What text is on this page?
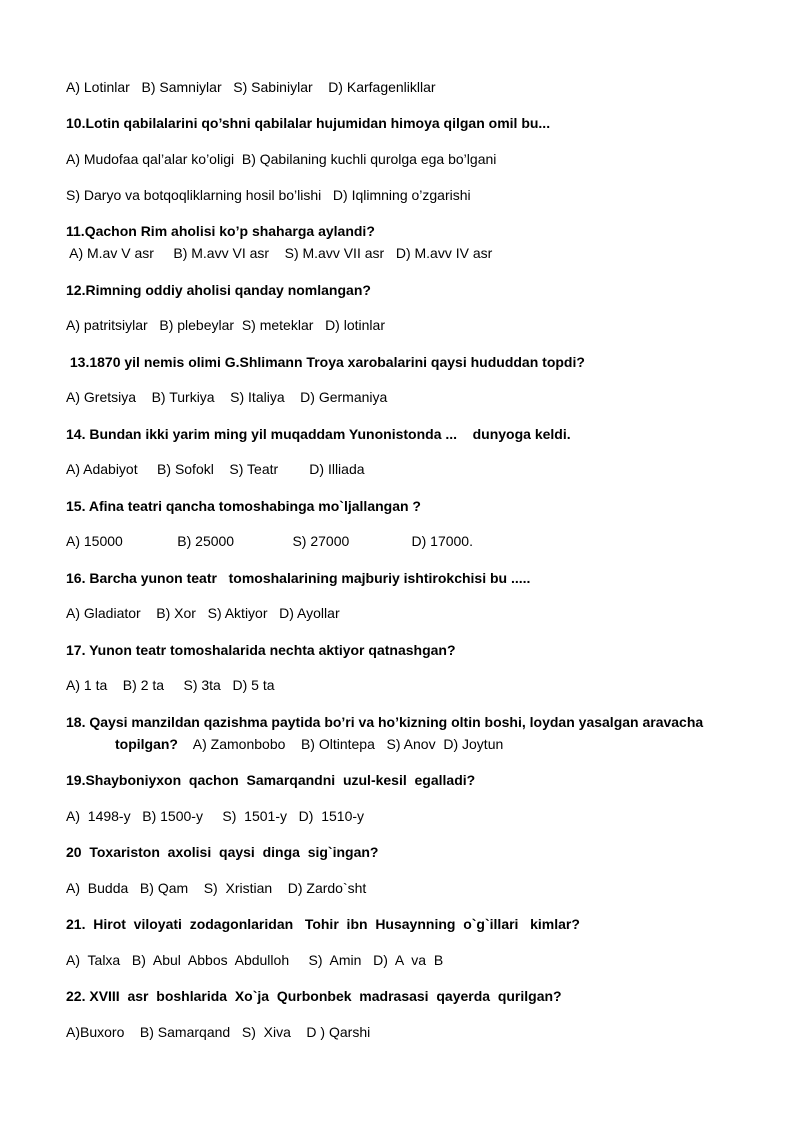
A) Lotinlar   B) Samniylar   S) Sabiniylar    D) Karfagenlikllar
10.Lotin qabilalarini qo’shni qabilalar hujumidan himoya qilgan omil bu...
A) Mudofaa qal’alar ko’oligi  B) Qabilaning kuchli qurolga ega bo’lgani
S) Daryo va botqoqliklarning hosil bo’lishi   D) Iqlimning o’zgarishi
11.Qachon Rim aholisi ko’p shaharga aylandi?
A) M.av V asr     B) M.avv VI asr    S) M.avv VII asr   D) M.avv IV asr
12.Rimning oddiy aholisi qanday nomlangan?
A) patritsiylar   B) plebeylar  S) meteklar   D) lotinlar
13.1870 yil nemis olimi G.Shlimann Troya xarobalarini qaysi hududdan topdi?
A) Gretsiya    B) Turkiya    S) Italiya    D) Germaniya
14. Bundan ikki yarim ming yil muqaddam Yunonistonda ...    dunyoga keldi.
A) Adabiyot     B) Sofokl    S) Teatr        D) Illiada
15. Afina teatri qancha tomoshabinga mo`ljallangan ?
A) 15000              B) 25000               S) 27000                D) 17000.
16. Barcha yunon teatr   tomoshalarining majburiy ishtirokchisi bu .....
A) Gladiator    B) Xor   S) Aktiyor   D) Ayollar
17. Yunon teatr tomoshalarida nechta aktiyor qatnashgan?
A) 1 ta    B) 2 ta     S) 3ta   D) 5 ta
18. Qaysi manzildan qazishma paytida bo’ri va ho’kizning oltin boshi, loydan yasalgan aravacha
topilgan?    A) Zamonbobo    B) Oltintepa   S) Anov  D) Joytun
19.Shayboniyxon  qachon  Samarqandni  uzul-kesil  egalladi?
A)  1498-y   B) 1500-y     S)  1501-y   D)  1510-y
20  Toxariston  axolisi  qaysi  dinga  sig`ingan?
A)  Budda   B) Qam    S)  Xristian    D) Zardo`sht
21.  Hirot  viloyati  zodagonlaridan   Tohir  ibn  Husaynning  o`g`illari   kimlar?
A)  Talxa   B)  Abul  Abbos  Abdulloh     S)  Amin   D)  A  va  B
22. XVIII  asr  boshlarida  Xo`ja  Qurbonbek  madrasasi  qayerda  qurilgan?
A)Buxoro    B) Samarqand   S)  Xiva    D ) Qarshi
